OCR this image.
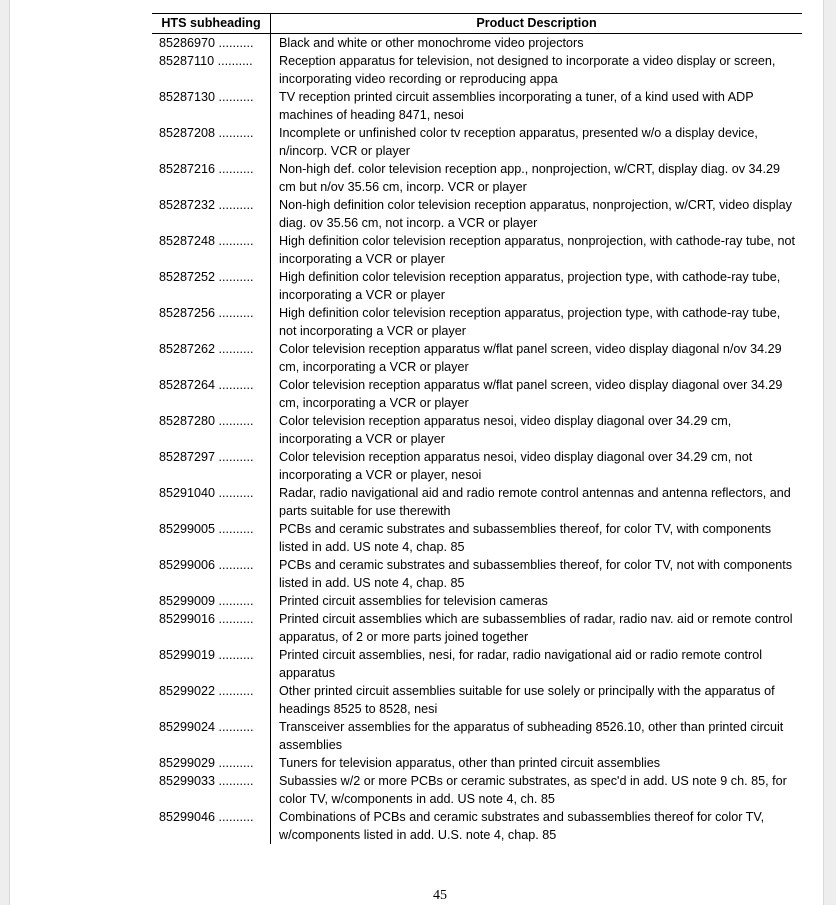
HTS subheading	Product Description
85286970 ..........	Black and white or other monochrome video projectors
85287110 ..........	Reception apparatus for television, not designed to incorporate a video display or screen, incorporating video recording or reproducing appa
85287130 ..........	TV reception printed circuit assemblies incorporating a tuner, of a kind used with ADP machines of heading 8471, nesoi
85287208 ..........	Incomplete or unfinished color tv reception apparatus, presented w/o a display device, n/incorp. VCR or player
85287216 ..........	Non-high def. color television reception app., nonprojection, w/CRT, display diag. ov 34.29 cm but n/ov 35.56 cm, incorp. VCR or player
85287232 ..........	Non-high definition color television reception apparatus, nonprojection, w/CRT, video display diag. ov 35.56 cm, not incorp. a VCR or player
85287248 ..........	High definition color television reception apparatus, nonprojection, with cathode-ray tube, not incorporating a VCR or player
85287252 ..........	High definition color television reception apparatus, projection type, with cathode-ray tube, incorporating a VCR or player
85287256 ..........	High definition color television reception apparatus, projection type, with cathode-ray tube, not incorporating a VCR or player
85287262 ..........	Color television reception apparatus w/flat panel screen, video display diagonal n/ov 34.29 cm, incorporating a VCR or player
85287264 ..........	Color television reception apparatus w/flat panel screen, video display diagonal over 34.29 cm, incorporating a VCR or player
85287280 ..........	Color television reception apparatus nesoi, video display diagonal over 34.29 cm, incorporating a VCR or player
85287297 ..........	Color television reception apparatus nesoi, video display diagonal over 34.29 cm, not incorporating a VCR or player, nesoi
85291040 ..........	Radar, radio navigational aid and radio remote control antennas and antenna reflectors, and parts suitable for use therewith
85299005 ..........	PCBs and ceramic substrates and subassemblies thereof, for color TV, with components listed in add. US note 4, chap. 85
85299006 ..........	PCBs and ceramic substrates and subassemblies thereof, for color TV, not with components listed in add. US note 4, chap. 85
85299009 ..........	Printed circuit assemblies for television cameras
85299016 ..........	Printed circuit assemblies which are subassemblies of radar, radio nav. aid or remote control apparatus, of 2 or more parts joined together
85299019 ..........	Printed circuit assemblies, nesi, for radar, radio navigational aid or radio remote control apparatus
85299022 ..........	Other printed circuit assemblies suitable for use solely or principally with the apparatus of headings 8525 to 8528, nesi
85299024 ..........	Transceiver assemblies for the apparatus of subheading 8526.10, other than printed circuit assemblies
85299029 ..........	Tuners for television apparatus, other than printed circuit assemblies
85299033 ..........	Subassies w/2 or more PCBs or ceramic substrates, as spec'd in add. US note 9 ch. 85, for color TV, w/components in add. US note 4, ch. 85
85299046 ..........	Combinations of PCBs and ceramic substrates and subassemblies thereof for color TV, w/components listed in add. U.S. note 4, chap. 85
45
